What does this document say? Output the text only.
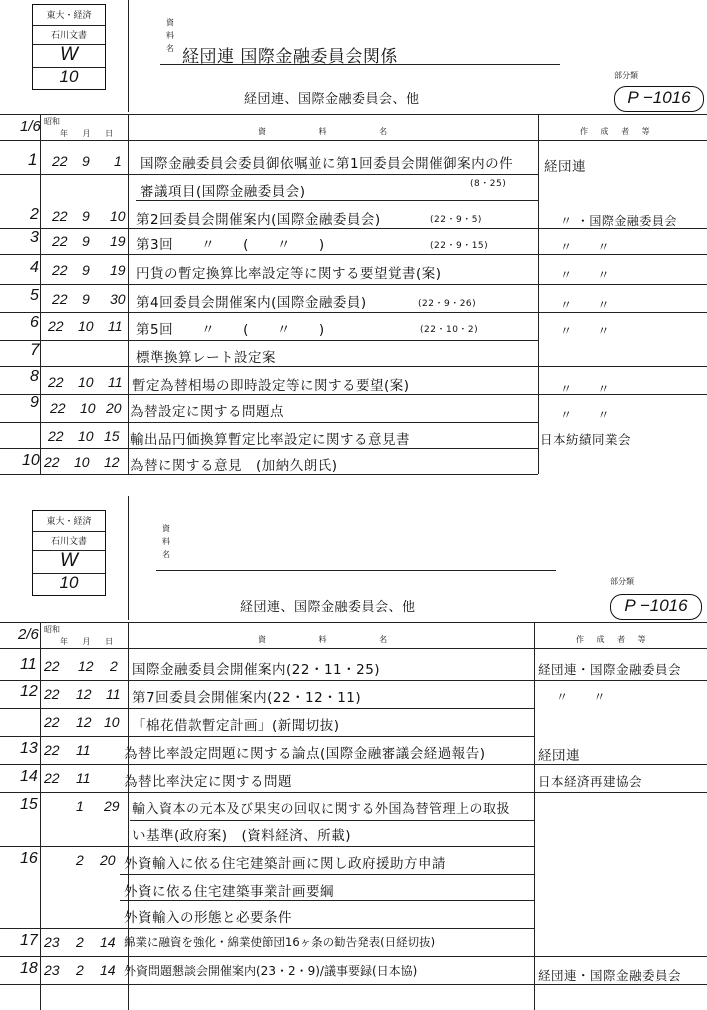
東大・経済
石川文書
W
10
資料名 経団連 国際金融委員会関係
部分類
経団連、国際金融委員会、他	P −1016
1/6 昭和
年 月 日	資 料 名	作 成 者 等
1 22 9 1 国際金融委員会委員御依嘱並に第1回委員会開催御案内の件 経団連
審議項目(国際金融委員会)	(8・25)
2 22 9 10 第2回委員会開催案内(国際金融委員会)	(22・9・5)	〃 ・国際金融委員会
3 22 9 19 第3回　　〃　　(　　〃　　)	(22・9・15)	〃　　〃
4 22 9 19 円貨の暫定換算比率設定等に関する要望覚書(案)	〃　　〃
5 22 9 30 第4回委員会開催案内(国際金融委員)	(22・9・26)	〃　　〃
6 22 10 11 第5回　　〃　　(　　〃　　)	(22・10・2)	〃　　〃
7	標準換算レート設定案
8 22 10 11 暫定為替相場の即時設定等に関する要望(案)	〃　　〃
9 22 10 20 為替設定に関する問題点	〃　　〃
22 10 15 輸出品円価換算暫定比率設定に関する意見書	日本紡績同業会
10 22 10 12 為替に関する意見　(加納久朗氏)
東大・経済
石川文書
W
10
資料名
部分類
経団連、国際金融委員会、他	P −1016
2/6 昭和
年 月 日	資 料 名	作 成 者 等
11 22 12 2 国際金融委員会開催案内(22・11・25)	経団連・国際金融委員会
12 22 12 11 第7回委員会開催案内(22・12・11)	〃　　〃
22 12 10 「棉花借款暫定計画」(新聞切抜)
13 22 11 為替比率設定問題に関する論点(国際金融審議会経過報告)	経団連
14 22 11 為替比率決定に関する問題	日本経済再建協会
15	1 29 輸入資本の元本及び果実の回収に関する外国為替管理上の取扱
い基準(政府案)　(資料経済、所載)
16	2 20 外資輸入に依る住宅建築計画に関し政府援助方申請
外資に依る住宅建築事業計画要綱
外資輸入の形態と必要条件
17 23 2 14 綿業に融資を強化・綿業使節団16ヶ条の勧告発表(日経切抜)
18 23 2 14 外資問題懇談会開催案内(23・2・9)/議事要録(日本協)	経団連・国際金融委員会
